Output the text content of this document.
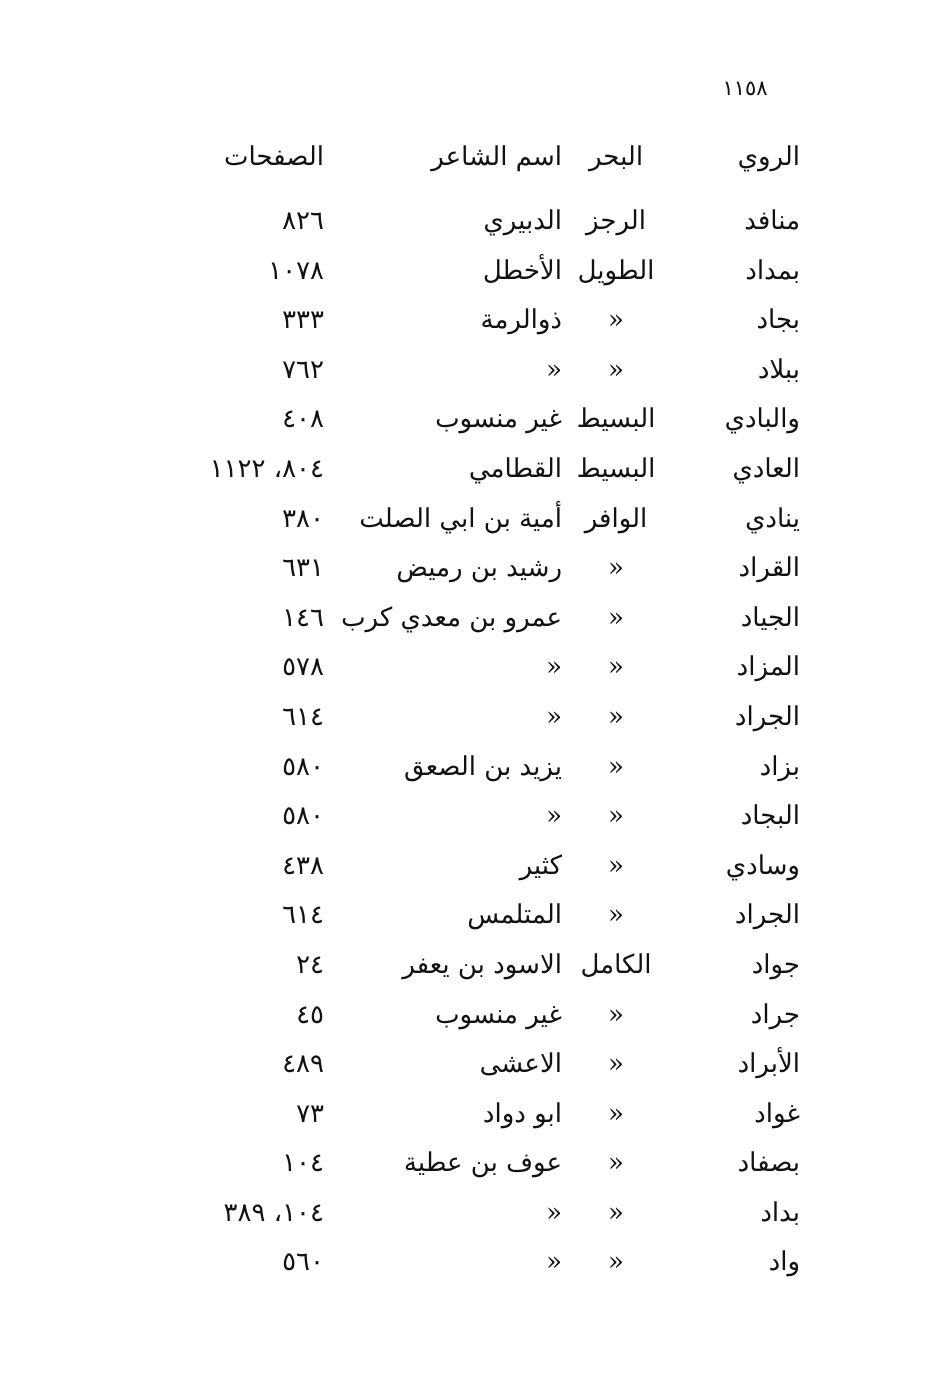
١١٥٨
الروي
البحر
اسم الشاعر
الصفحات
منافد
الرجز
الدبيري
٨٢٦
بمداد
الطويل
الأخطل
١٠٧٨
بجاد
«
ذوالرمة
٣٣٣
ببلاد
«
«
٧٦٢
والبادي
البسيط
غير منسوب
٤٠٨
العادي
البسيط
القطامي
٨٠٤، ١١٢٢
ينادي
الوافر
أمية بن ابي الصلت
٣٨٠
القراد
«
رشيد بن رميض
٦٣١
الجياد
«
عمرو بن معدي كرب
١٤٦
المزاد
«
«
٥٧٨
الجراد
«
«
٦١٤
بزاد
«
يزيد بن الصعق
٥٨٠
البجاد
«
«
٥٨٠
وسادي
«
كثير
٤٣٨
الجراد
«
المتلمس
٦١٤
جواد
الكامل
الاسود بن يعفر
٢٤
جراد
«
غير منسوب
٤٥
الأبراد
«
الاعشى
٤٨٩
غواد
«
ابو دواد
٧٣
بصفاد
«
عوف بن عطية
١٠٤
بداد
«
«
١٠٤، ٣٨٩
واد
«
«
٥٦٠
